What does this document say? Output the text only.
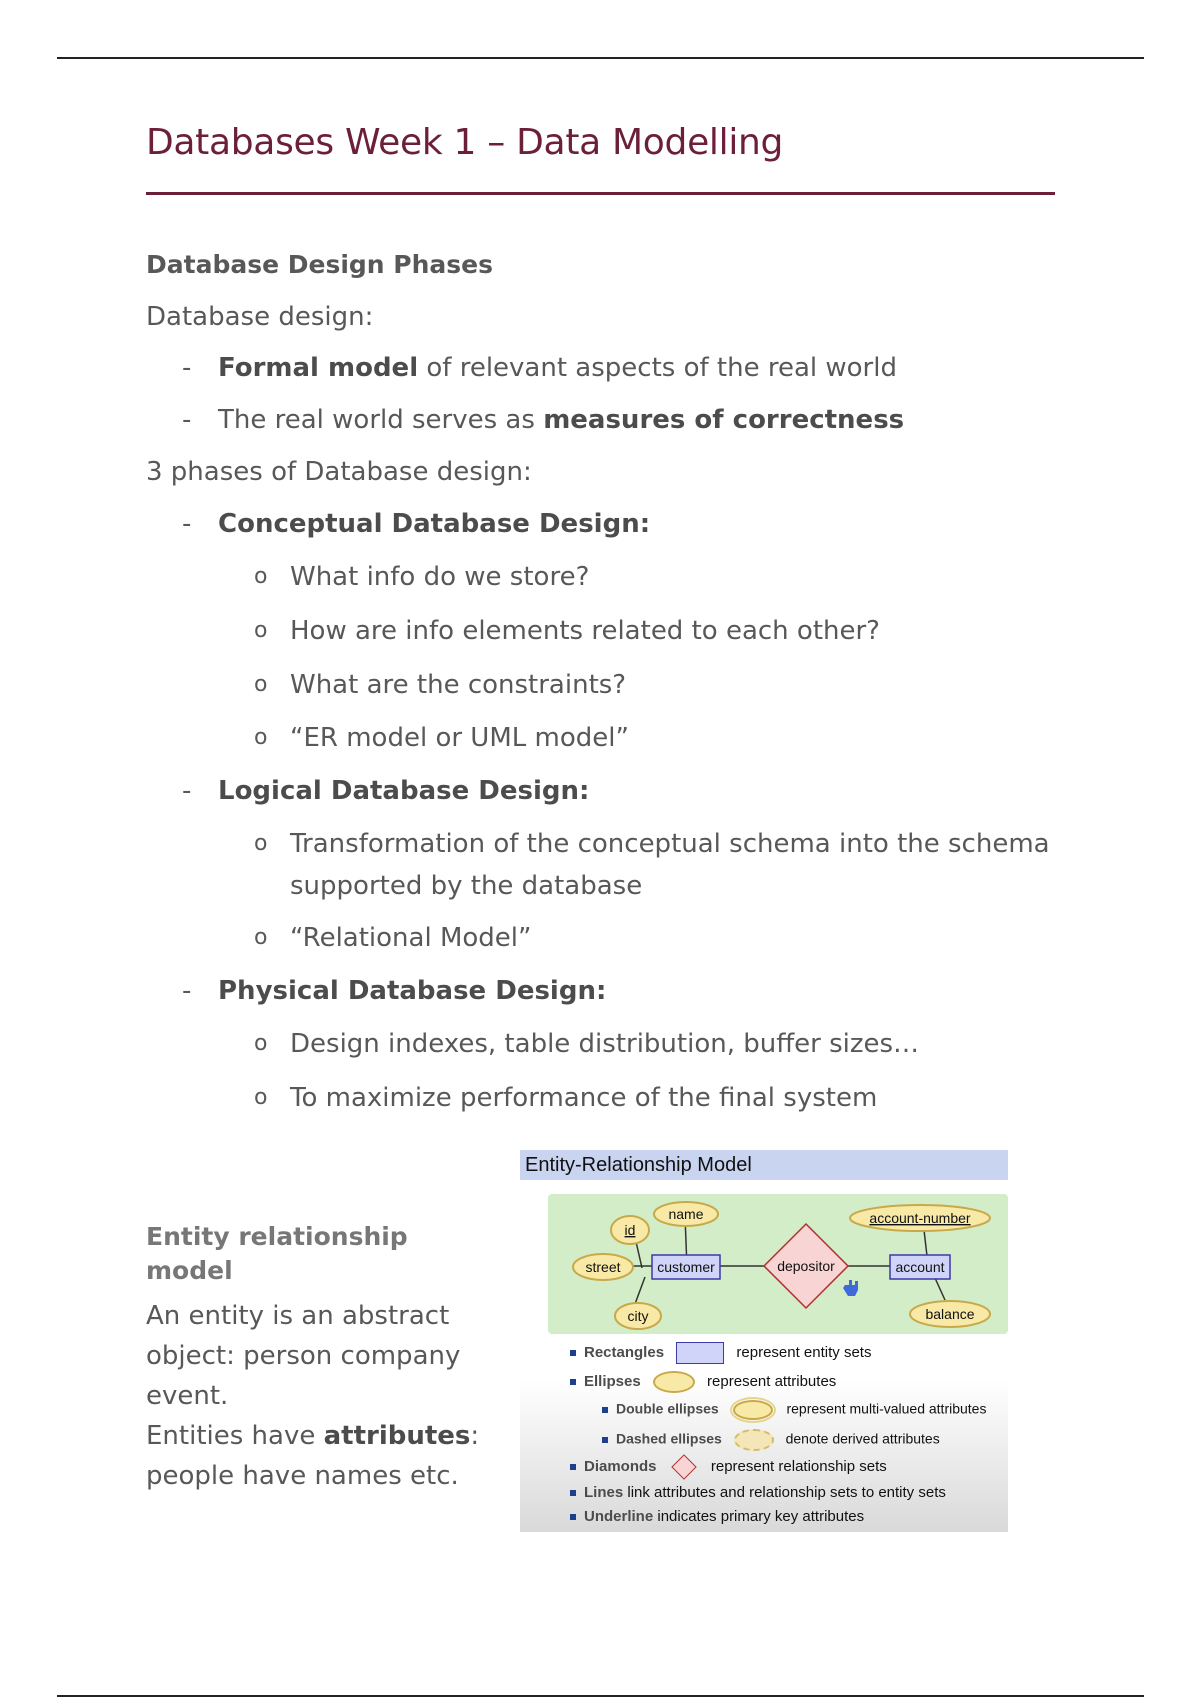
Databases Week 1 – Data Modelling
Database Design Phases
Database design:
- Formal model of relevant aspects of the real world
- The real world serves as measures of correctness
3 phases of Database design:
- Conceptual Database Design:
o What info do we store?
o How are info elements related to each other?
o What are the constraints?
o “ER model or UML model”
- Logical Database Design:
o Transformation of the conceptual schema into the schema
supported by the database
o “Relational Model”
- Physical Database Design:
o Design indexes, table distribution, buffer sizes…
o To maximize performance of the final system
Entity relationship model
An entity is an abstract
object: person company
event.
Entities have attributes:
people have names etc.
Entity-Relationship Model
id
name
street	customer
city
depositor
account-number
account
balance
Rectangles	represent entity sets
Ellipses	represent attributes
Double ellipses	represent multi-valued attributes
Dashed ellipses	denote derived attributes
Diamonds	represent relationship sets
Lines link attributes and relationship sets to entity sets
Underline indicates primary key attributes
